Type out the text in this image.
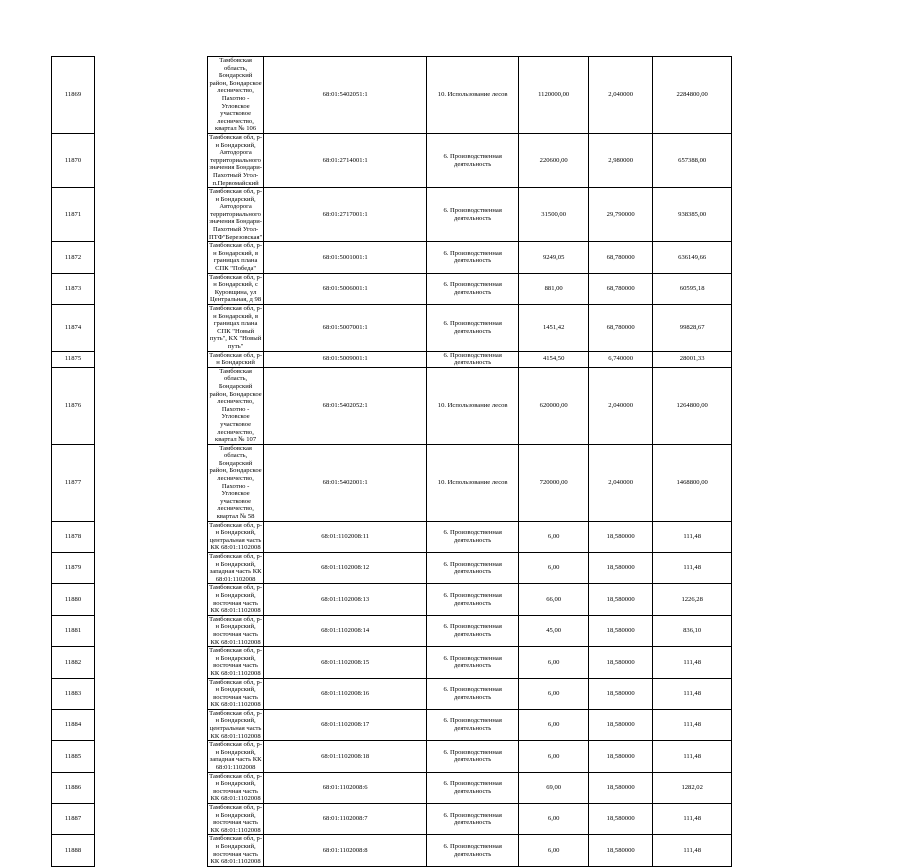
11869		Тамбовская область, Бондарский район, Бондарское лесничество, Пахотно - Угловское участковое лесничество, квартал № 106	68:01:5402051:1	10. Использование лесов	1120000,00	2,040000	2284800,00
11870		Тамбовская обл, р-н Бондарский, Автодорога территориального значения Бондари-Пахотный Угол-п.Первомайский	68:01:2714001:1	6. Производственная деятельность	220600,00	2,980000	657388,00
11871		Тамбовская обл, р-н Бондарский, Автодорога территориального значения Бондари-Пахотный Угол-ПТФ"Березовская"	68:01:2717001:1	6. Производственная деятельность	31500,00	29,790000	938385,00
11872		Тамбовская обл, р-н Бондарский, в границах плана СПК "Победа"	68:01:5001001:1	6. Производственная деятельность	9249,05	68,780000	636149,66
11873		Тамбовская обл, р-н Бондарский, с Куровщина, ул Центральная, д 98	68:01:5006001:1	6. Производственная деятельность	881,00	68,780000	60595,18
11874		Тамбовская обл, р-н Бондарский, в границах плана СПК "Новый путь", КХ "Новый путь"	68:01:5007001:1	6. Производственная деятельность	1451,42	68,780000	99828,67
11875		Тамбовская обл, р-н Бондарский	68:01:5009001:1	6. Производственная деятельность	4154,50	6,740000	28001,33
11876		Тамбовская область, Бондарский район, Бондарское лесничество, Пахотно - Угловское участковое лесничество, квартал № 107	68:01:5402052:1	10. Использование лесов	620000,00	2,040000	1264800,00
11877		Тамбовская область, Бондарский район, Бондарское лесничество, Пахотно - Угловское участковое лесничество, квартал № 58	68:01:5402001:1	10. Использование лесов	720000,00	2,040000	1468800,00
11878		Тамбовская обл, р-н Бондарский, центральная часть КК 68:01:1102008	68:01:1102008:11	6. Производственная деятельность	6,00	18,580000	111,48
11879		Тамбовская обл, р-н Бондарский, западная часть КК 68:01:1102008	68:01:1102008:12	6. Производственная деятельность	6,00	18,580000	111,48
11880		Тамбовская обл, р-н Бондарский, восточная часть КК 68:01:1102008	68:01:1102008:13	6. Производственная деятельность	66,00	18,580000	1226,28
11881		Тамбовская обл, р-н Бондарский, восточная часть КК 68:01:1102008	68:01:1102008:14	6. Производственная деятельность	45,00	18,580000	836,10
11882		Тамбовская обл, р-н Бондарский, восточная часть КК 68:01:1102008	68:01:1102008:15	6. Производственная деятельность	6,00	18,580000	111,48
11883		Тамбовская обл, р-н Бондарский, восточная часть КК 68:01:1102008	68:01:1102008:16	6. Производственная деятельность	6,00	18,580000	111,48
11884		Тамбовская обл, р-н Бондарский, центральная часть КК 68:01:1102008	68:01:1102008:17	6. Производственная деятельность	6,00	18,580000	111,48
11885		Тамбовская обл, р-н Бондарский, западная часть КК 68:01:1102008	68:01:1102008:18	6. Производственная деятельность	6,00	18,580000	111,48
11886		Тамбовская обл, р-н Бондарский, восточная часть КК 68:01:1102008	68:01:1102008:6	6. Производственная деятельность	69,00	18,580000	1282,02
11887		Тамбовская обл, р-н Бондарский, восточная часть КК 68:01:1102008	68:01:1102008:7	6. Производственная деятельность	6,00	18,580000	111,48
11888		Тамбовская обл, р-н Бондарский, восточная часть КК 68:01:1102008	68:01:1102008:8	6. Производственная деятельность	6,00	18,580000	111,48
